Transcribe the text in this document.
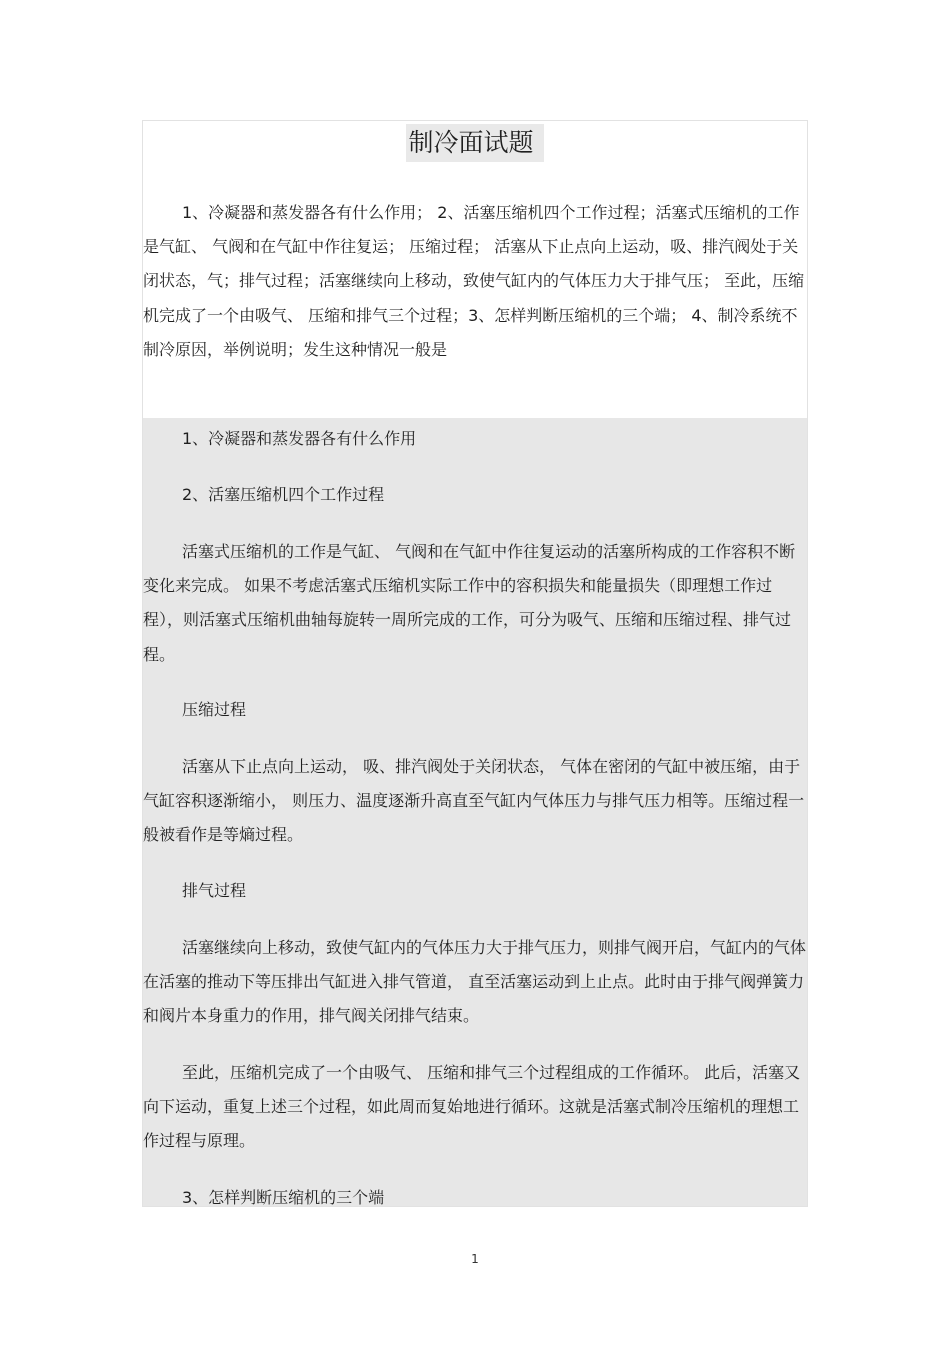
制冷面试题

1、冷凝器和蒸发器各有什么作用； 2、活塞压缩机四个工作过程；活塞式压缩机的工作是气缸、 气阀和在气缸中作往复运； 压缩过程； 活塞从下止点向上运动，吸、排汽阀处于关闭状态，气；排气过程；活塞继续向上移动，致使气缸内的气体压力大于排气压； 至此，压缩机完成了一个由吸气、 压缩和排气三个过程；3、怎样判断压缩机的三个端； 4、制冷系统不制冷原因，举例说明；发生这种情况一般是

1、冷凝器和蒸发器各有什么作用

2、活塞压缩机四个工作过程

活塞式压缩机的工作是气缸、 气阀和在气缸中作往复运动的活塞所构成的工作容积不断变化来完成。 如果不考虑活塞式压缩机实际工作中的容积损失和能量损失（即理想工作过程），则活塞式压缩机曲轴每旋转一周所完成的工作，可分为吸气、压缩和压缩过程、排气过程。

压缩过程

活塞从下止点向上运动， 吸、排汽阀处于关闭状态， 气体在密闭的气缸中被压缩，由于气缸容积逐渐缩小， 则压力、温度逐渐升高直至气缸内气体压力与排气压力相等。压缩过程一般被看作是等熵过程。

排气过程

活塞继续向上移动，致使气缸内的气体压力大于排气压力，则排气阀开启，气缸内的气体在活塞的推动下等压排出气缸进入排气管道， 直至活塞运动到上止点。此时由于排气阀弹簧力和阀片本身重力的作用，排气阀关闭排气结束。

至此，压缩机完成了一个由吸气、 压缩和排气三个过程组成的工作循环。 此后，活塞又向下运动，重复上述三个过程，如此周而复始地进行循环。这就是活塞式制冷压缩机的理想工作过程与原理。

3、怎样判断压缩机的三个端

1
